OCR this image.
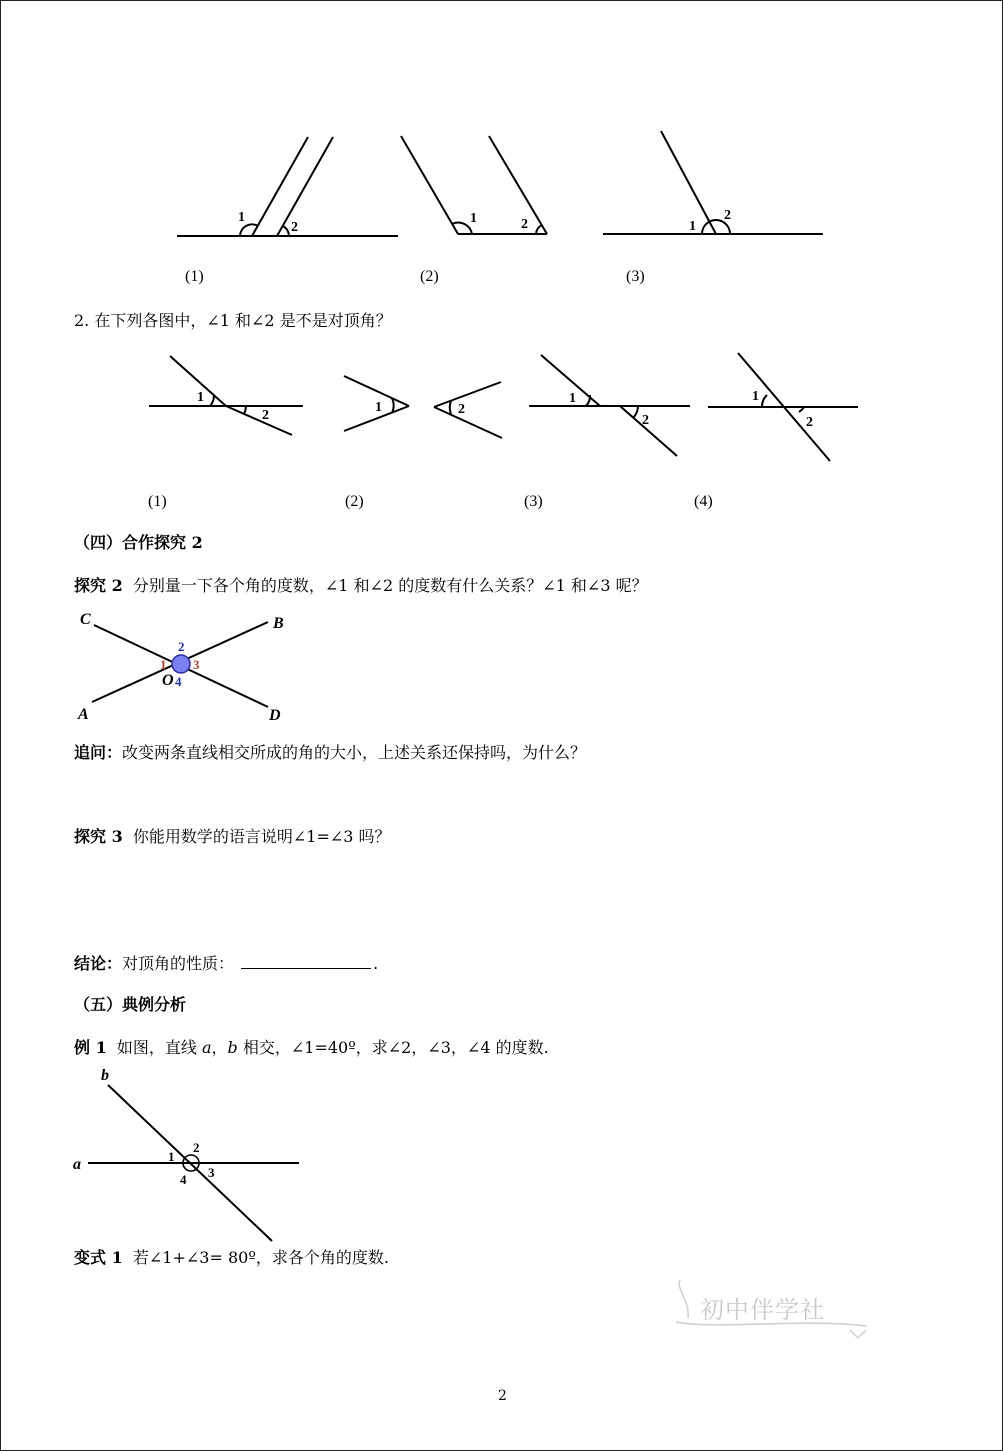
1
2
1	2	1
2
(1)	(2)	(3)
2. 在下列各图中，∠1 和∠2 是不是对顶角？
1
2
1	2
1
2
1
2
(1)	(2)	(3)	(4)
（四）合作探究 2
探究 2 分别量一下各个角的度数，∠1 和∠2 的度数有什么关系？∠1 和∠3 呢？
C	B
A	D
O
1
2
3
4
追问：改变两条直线相交所成的角的大小，上述关系还保持吗，为什么？
探究 3 你能用数学的语言说明∠1=∠3 吗？
结论：对顶角的性质：	.
（五）典例分析
例 1 如图，直线 a，b 相交，∠1=40º，求∠2，∠3，∠4 的度数.
b
a	1
2
3
4
变式 1 若∠1+∠3= 80º，求各个角的度数.
初中伴学社
2
